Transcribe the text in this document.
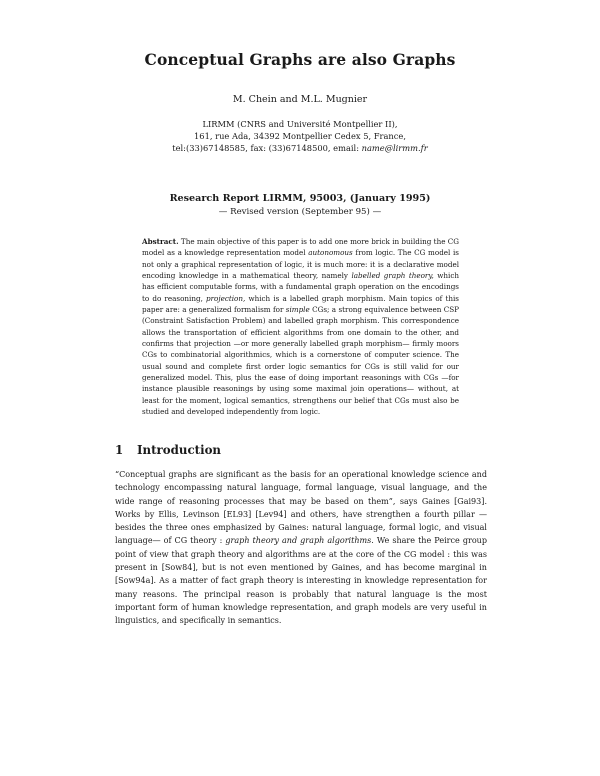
Conceptual Graphs are also Graphs
M. Chein and M.L. Mugnier
LIRMM (CNRS and Université Montpellier II),
161, rue Ada, 34392 Montpellier Cedex 5, France,
tel:(33)67148585, fax: (33)67148500, email: name@lirmm.fr
Research Report LIRMM, 95003, (January 1995)
— Revised version (September 95) —

Abstract. The main objective of this paper is to add one more brick in building the CG model as a knowledge representation model autonomous from logic. The CG model is not only a graphical representation of logic, it is much more: it is a declarative model encoding knowledge in a mathematical theory, namely labelled graph theory, which has efficient computable forms, with a fundamental graph operation on the encodings to do reasoning, projection, which is a labelled graph morphism. Main topics of this paper are: a generalized formalism for simple CGs; a strong equivalence between CSP (Constraint Satisfaction Problem) and labelled graph morphism. This correspondence allows the transportation of efficient algorithms from one domain to the other, and confirms that projection —or more generally labelled graph morphism— firmly moors CGs to combinatorial algorithmics, which is a cornerstone of computer science. The usual sound and complete first order logic semantics for CGs is still valid for our generalized model. This, plus the ease of doing important reasonings with CGs —for instance plausible reasonings by using some maximal join operations— without, at least for the moment, logical semantics, strengthens our belief that CGs must also be studied and developed independently from logic.

1 Introduction

“Conceptual graphs are significant as the basis for an operational knowledge science and technology encompassing natural language, formal language, visual language, and the wide range of reasoning processes that may be based on them”, says Gaines [Gai93]. Works by Ellis, Levinson [EL93] [Lev94] and others, have strengthen a fourth pillar —besides the three ones emphasized by Gaines: natural language, formal logic, and visual language— of CG theory : graph theory and graph algorithms. We share the Peirce group point of view that graph theory and algorithms are at the core of the CG model : this was present in [Sow84], but is not even mentioned by Gaines, and has become marginal in [Sow94a]. As a matter of fact graph theory is interesting in knowledge representation for many reasons. The principal reason is probably that natural language is the most important form of human knowledge representation, and graph models are very useful in linguistics, and specifically in semantics.
